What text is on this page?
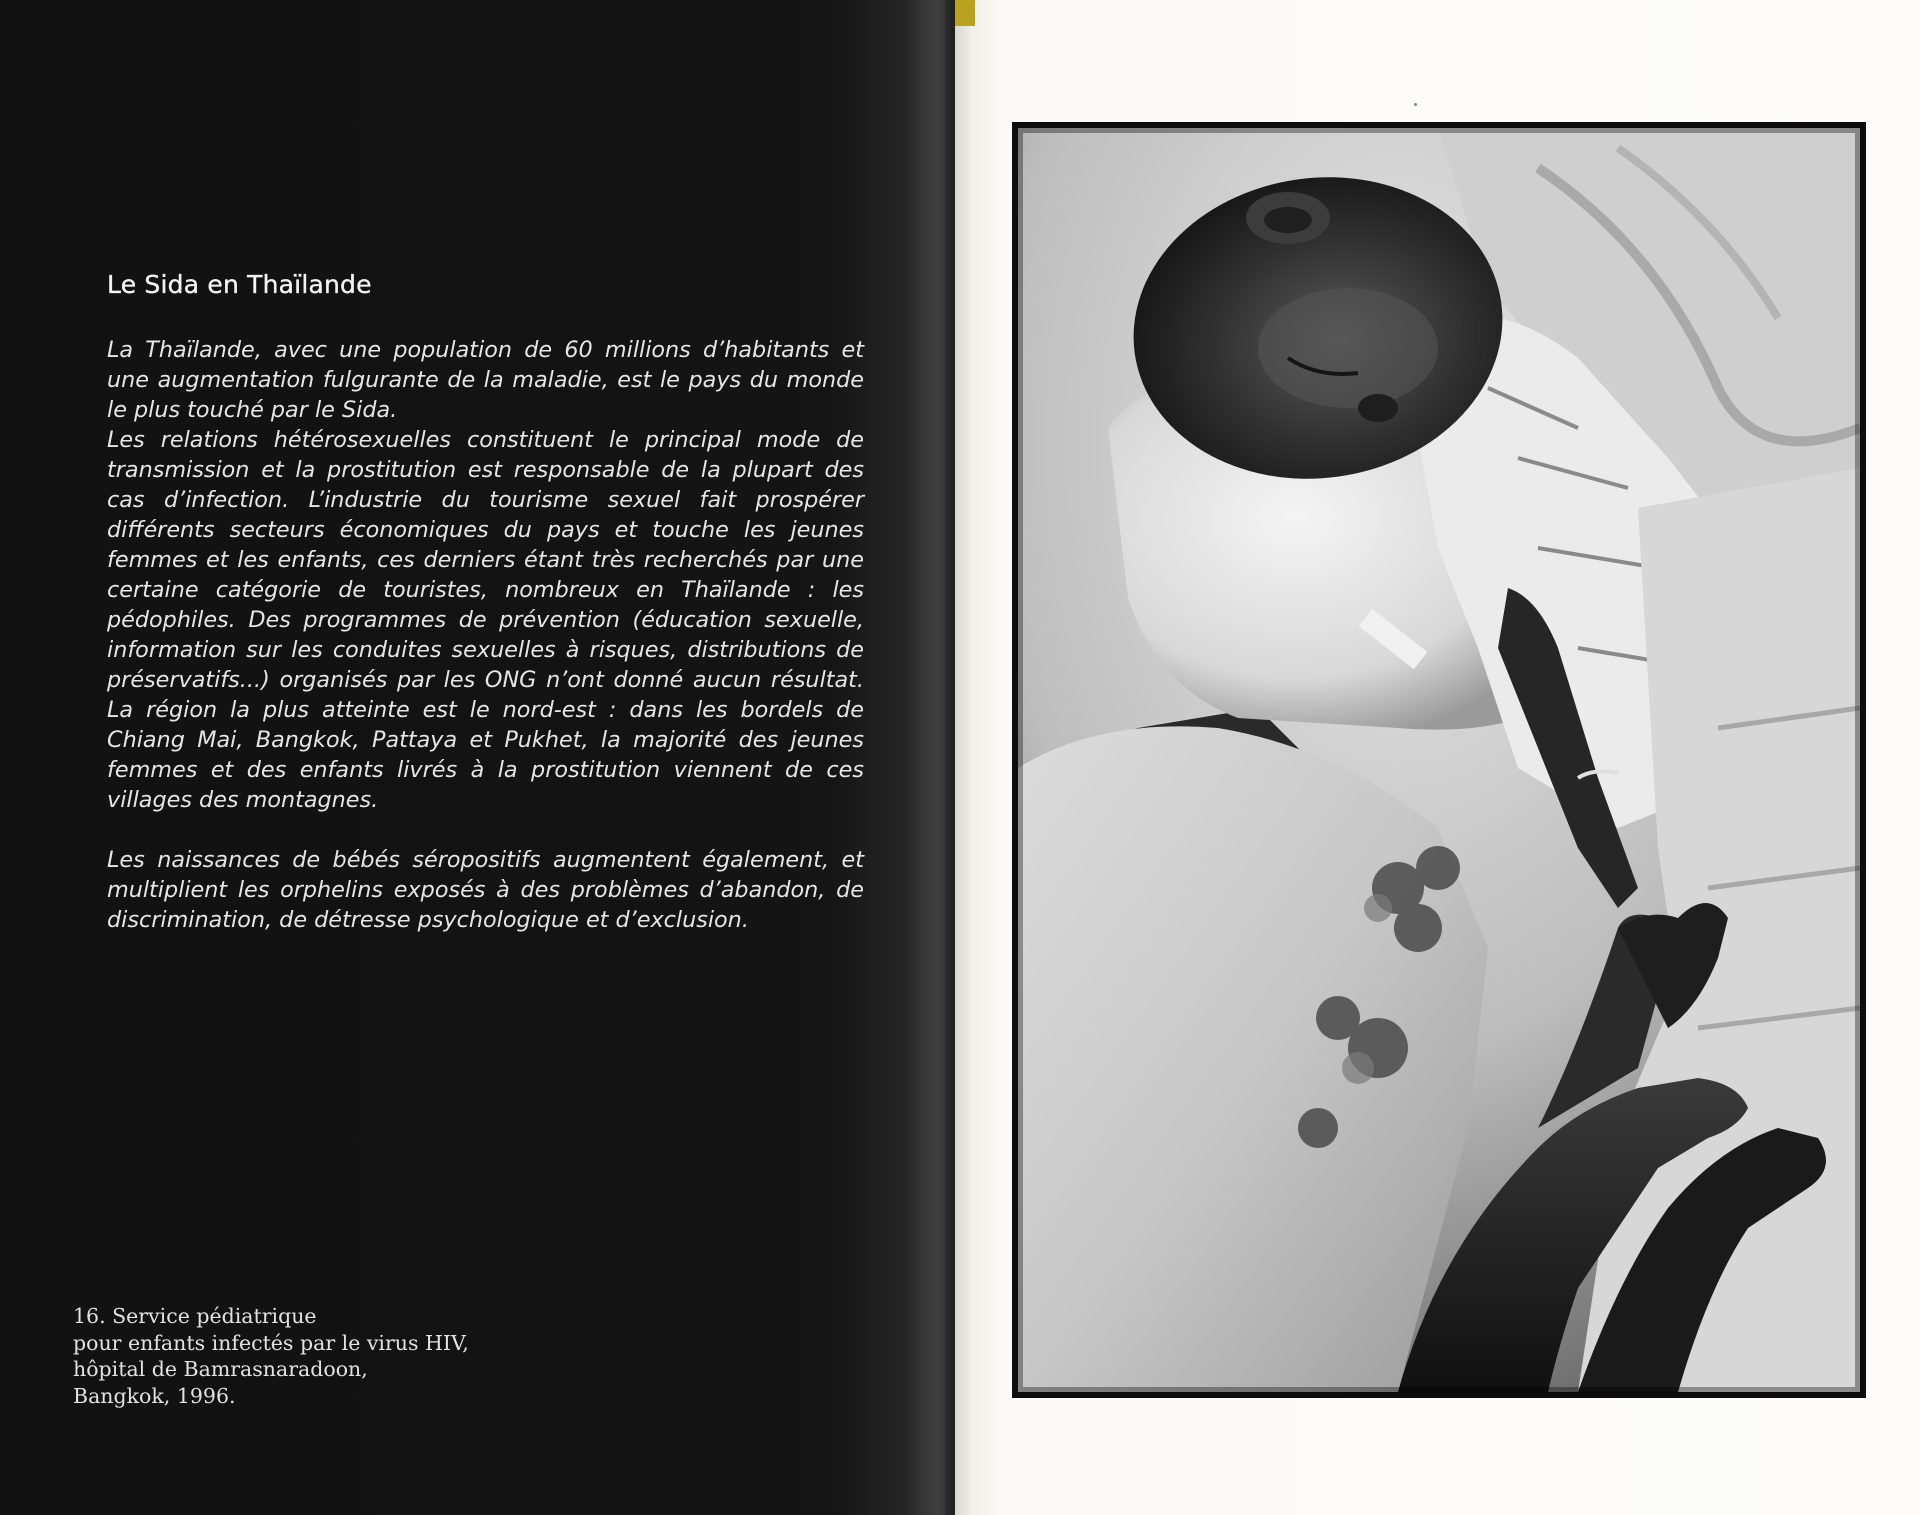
Le Sida en Thaïlande

La Thaïlande, avec une population de 60 millions d’habitants et une augmentation fulgurante de la maladie, est le pays du monde le plus touché par le Sida.

Les relations hétérosexuelles constituent le principal mode de transmission et la prostitution est responsable de la plupart des cas d’infection. L’industrie du tourisme sexuel fait prospérer différents secteurs économiques du pays et touche les jeunes femmes et les enfants, ces derniers étant très recherchés par une certaine catégorie de touristes, nombreux en Thaïlande : les pédophiles. Des programmes de prévention (éducation sexuelle, information sur les conduites sexuelles à risques, distributions de préservatifs...) organisés par les ONG n’ont donné aucun résultat. La région la plus atteinte est le nord-est : dans les bordels de Chiang Mai, Bangkok, Pattaya et Pukhet, la majorité des jeunes femmes et des enfants livrés à la prostitution viennent de ces villages des montagnes.

Les naissances de bébés séropositifs augmentent également, et multiplient les orphelins exposés à des problèmes d’abandon, de discrimination, de détresse psychologique et d’exclusion.

16. Service pédiatrique
pour enfants infectés par le virus HIV,
hôpital de Bamrasnaradoon,
Bangkok, 1996.
